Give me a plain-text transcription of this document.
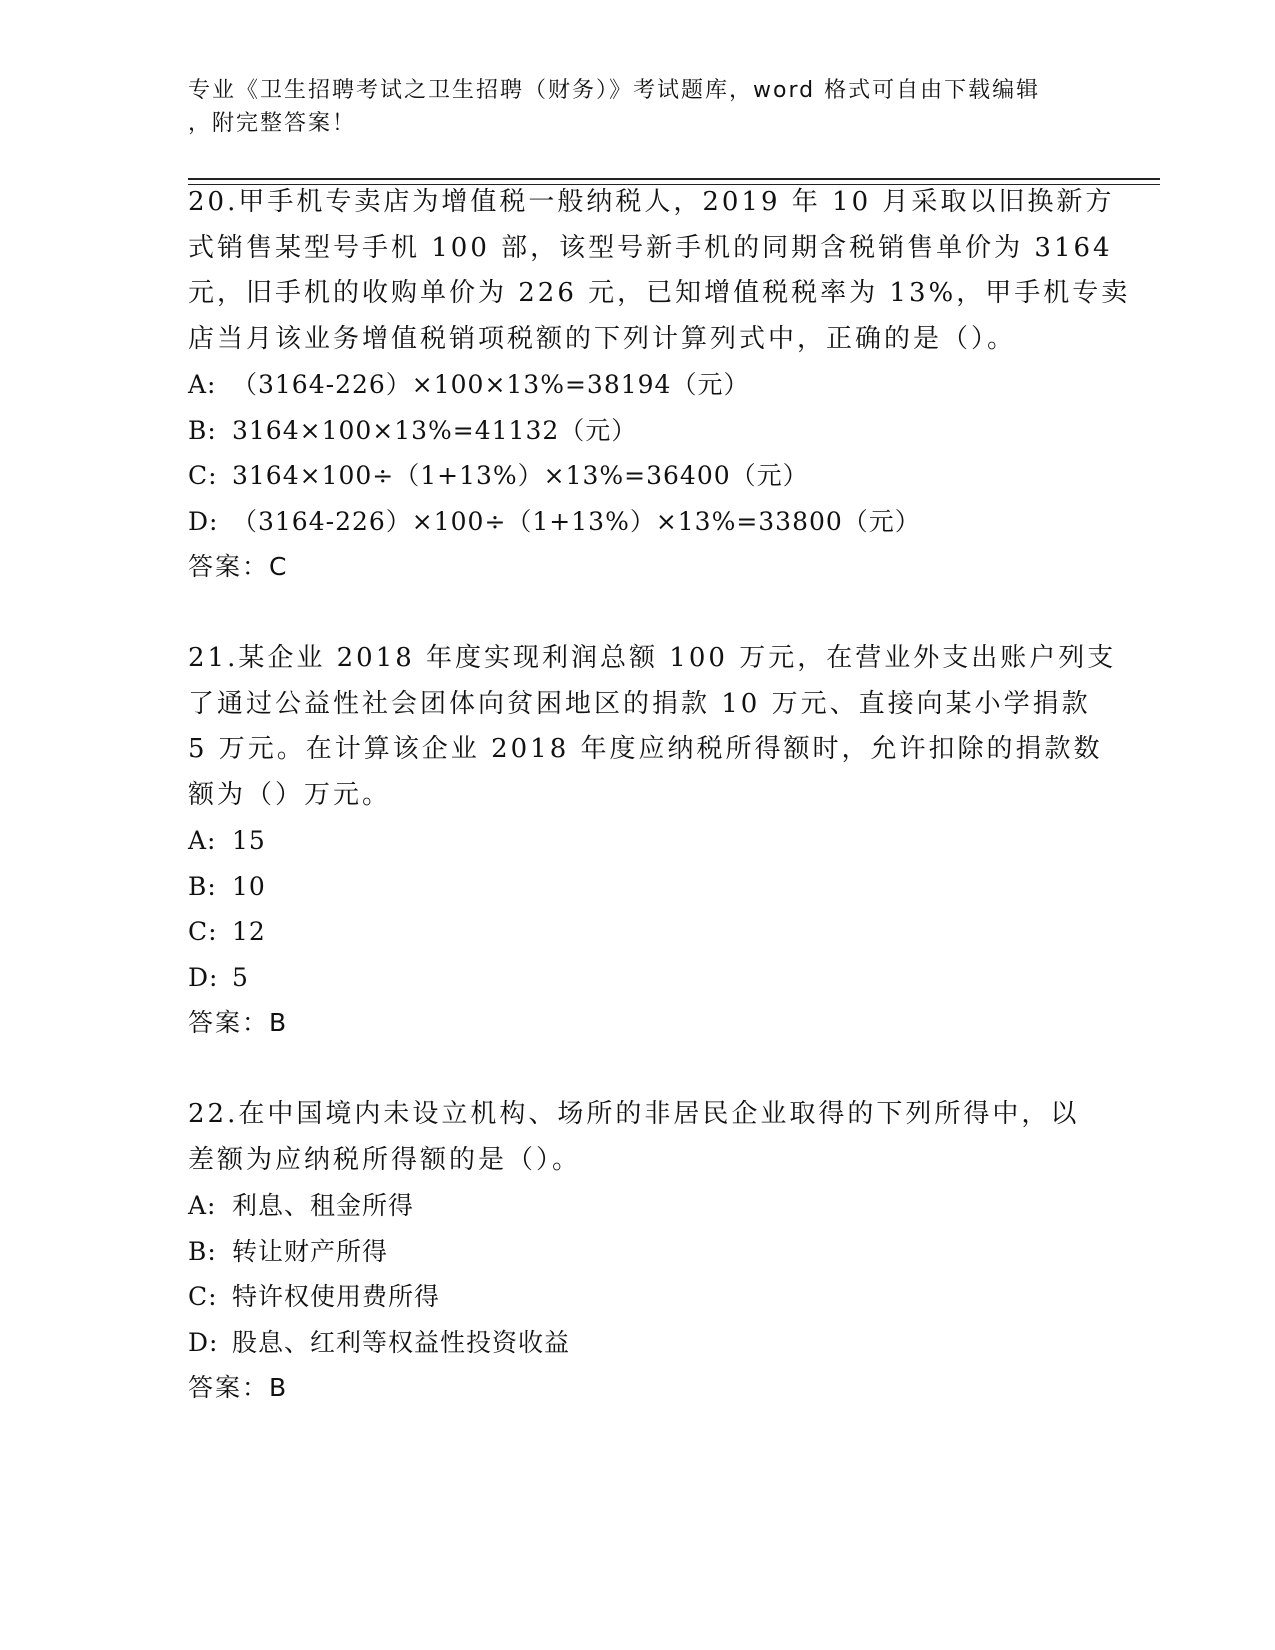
专业《卫生招聘考试之卫生招聘（财务）》考试题库，word 格式可自由下载编辑
，附完整答案！
20.甲手机专卖店为增值税一般纳税人，2019 年 10 月采取以旧换新方
式销售某型号手机 100 部，该型号新手机的同期含税销售单价为 3164
元，旧手机的收购单价为 226 元，已知增值税税率为 13%，甲手机专卖
店当月该业务增值税销项税额的下列计算列式中，正确的是（）。
A: （3164-226）×100×13%=38194（元）
B: 3164×100×13%=41132（元）
C: 3164×100÷（1+13%）×13%=36400（元）
D: （3164-226）×100÷（1+13%）×13%=33800（元）
答案：C
21.某企业 2018 年度实现利润总额 100 万元，在营业外支出账户列支
了通过公益性社会团体向贫困地区的捐款 10 万元、直接向某小学捐款
5 万元。在计算该企业 2018 年度应纳税所得额时，允许扣除的捐款数
额为（）万元。
A: 15
B: 10
C: 12
D: 5
答案：B
22.在中国境内未设立机构、场所的非居民企业取得的下列所得中，以
差额为应纳税所得额的是（）。
A: 利息、租金所得
B: 转让财产所得
C: 特许权使用费所得
D: 股息、红利等权益性投资收益
答案：B
